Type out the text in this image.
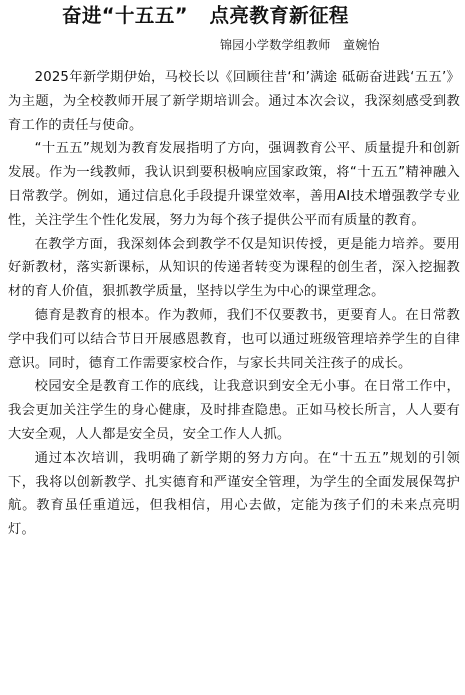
奋进“十五五”   点亮教育新征程
锦园小学数学组教师   童婉怡

2025年新学期伊始，马校长以《回顾往昔‘和’满途 砥砺奋进践‘五五’》为主题，为全校教师开展了新学期培训会。通过本次会议，我深刻感受到教育工作的责任与使命。

“十五五”规划为教育发展指明了方向，强调教育公平、质量提升和创新发展。作为一线教师，我认识到要积极响应国家政策，将“十五五”精神融入日常教学。例如，通过信息化手段提升课堂效率，善用AI技术增强教学专业性，关注学生个性化发展，努力为每个孩子提供公平而有质量的教育。

在教学方面，我深刻体会到教学不仅是知识传授，更是能力培养。要用好新教材，落实新课标，从知识的传递者转变为课程的创生者，深入挖掘教材的育人价值，狠抓教学质量，坚持以学生为中心的课堂理念。

德育是教育的根本。作为教师，我们不仅要教书，更要育人。在日常教学中我们可以结合节日开展感恩教育，也可以通过班级管理培养学生的自律意识。同时，德育工作需要家校合作，与家长共同关注孩子的成长。

校园安全是教育工作的底线，让我意识到安全无小事。在日常工作中，我会更加关注学生的身心健康，及时排查隐患。正如马校长所言，人人要有大安全观，人人都是安全员，安全工作人人抓。

通过本次培训，我明确了新学期的努力方向。在“十五五”规划的引领下，我将以创新教学、扎实德育和严谨安全管理，为学生的全面发展保驾护航。教育虽任重道远，但我相信，用心去做，定能为孩子们的未来点亮明灯。
